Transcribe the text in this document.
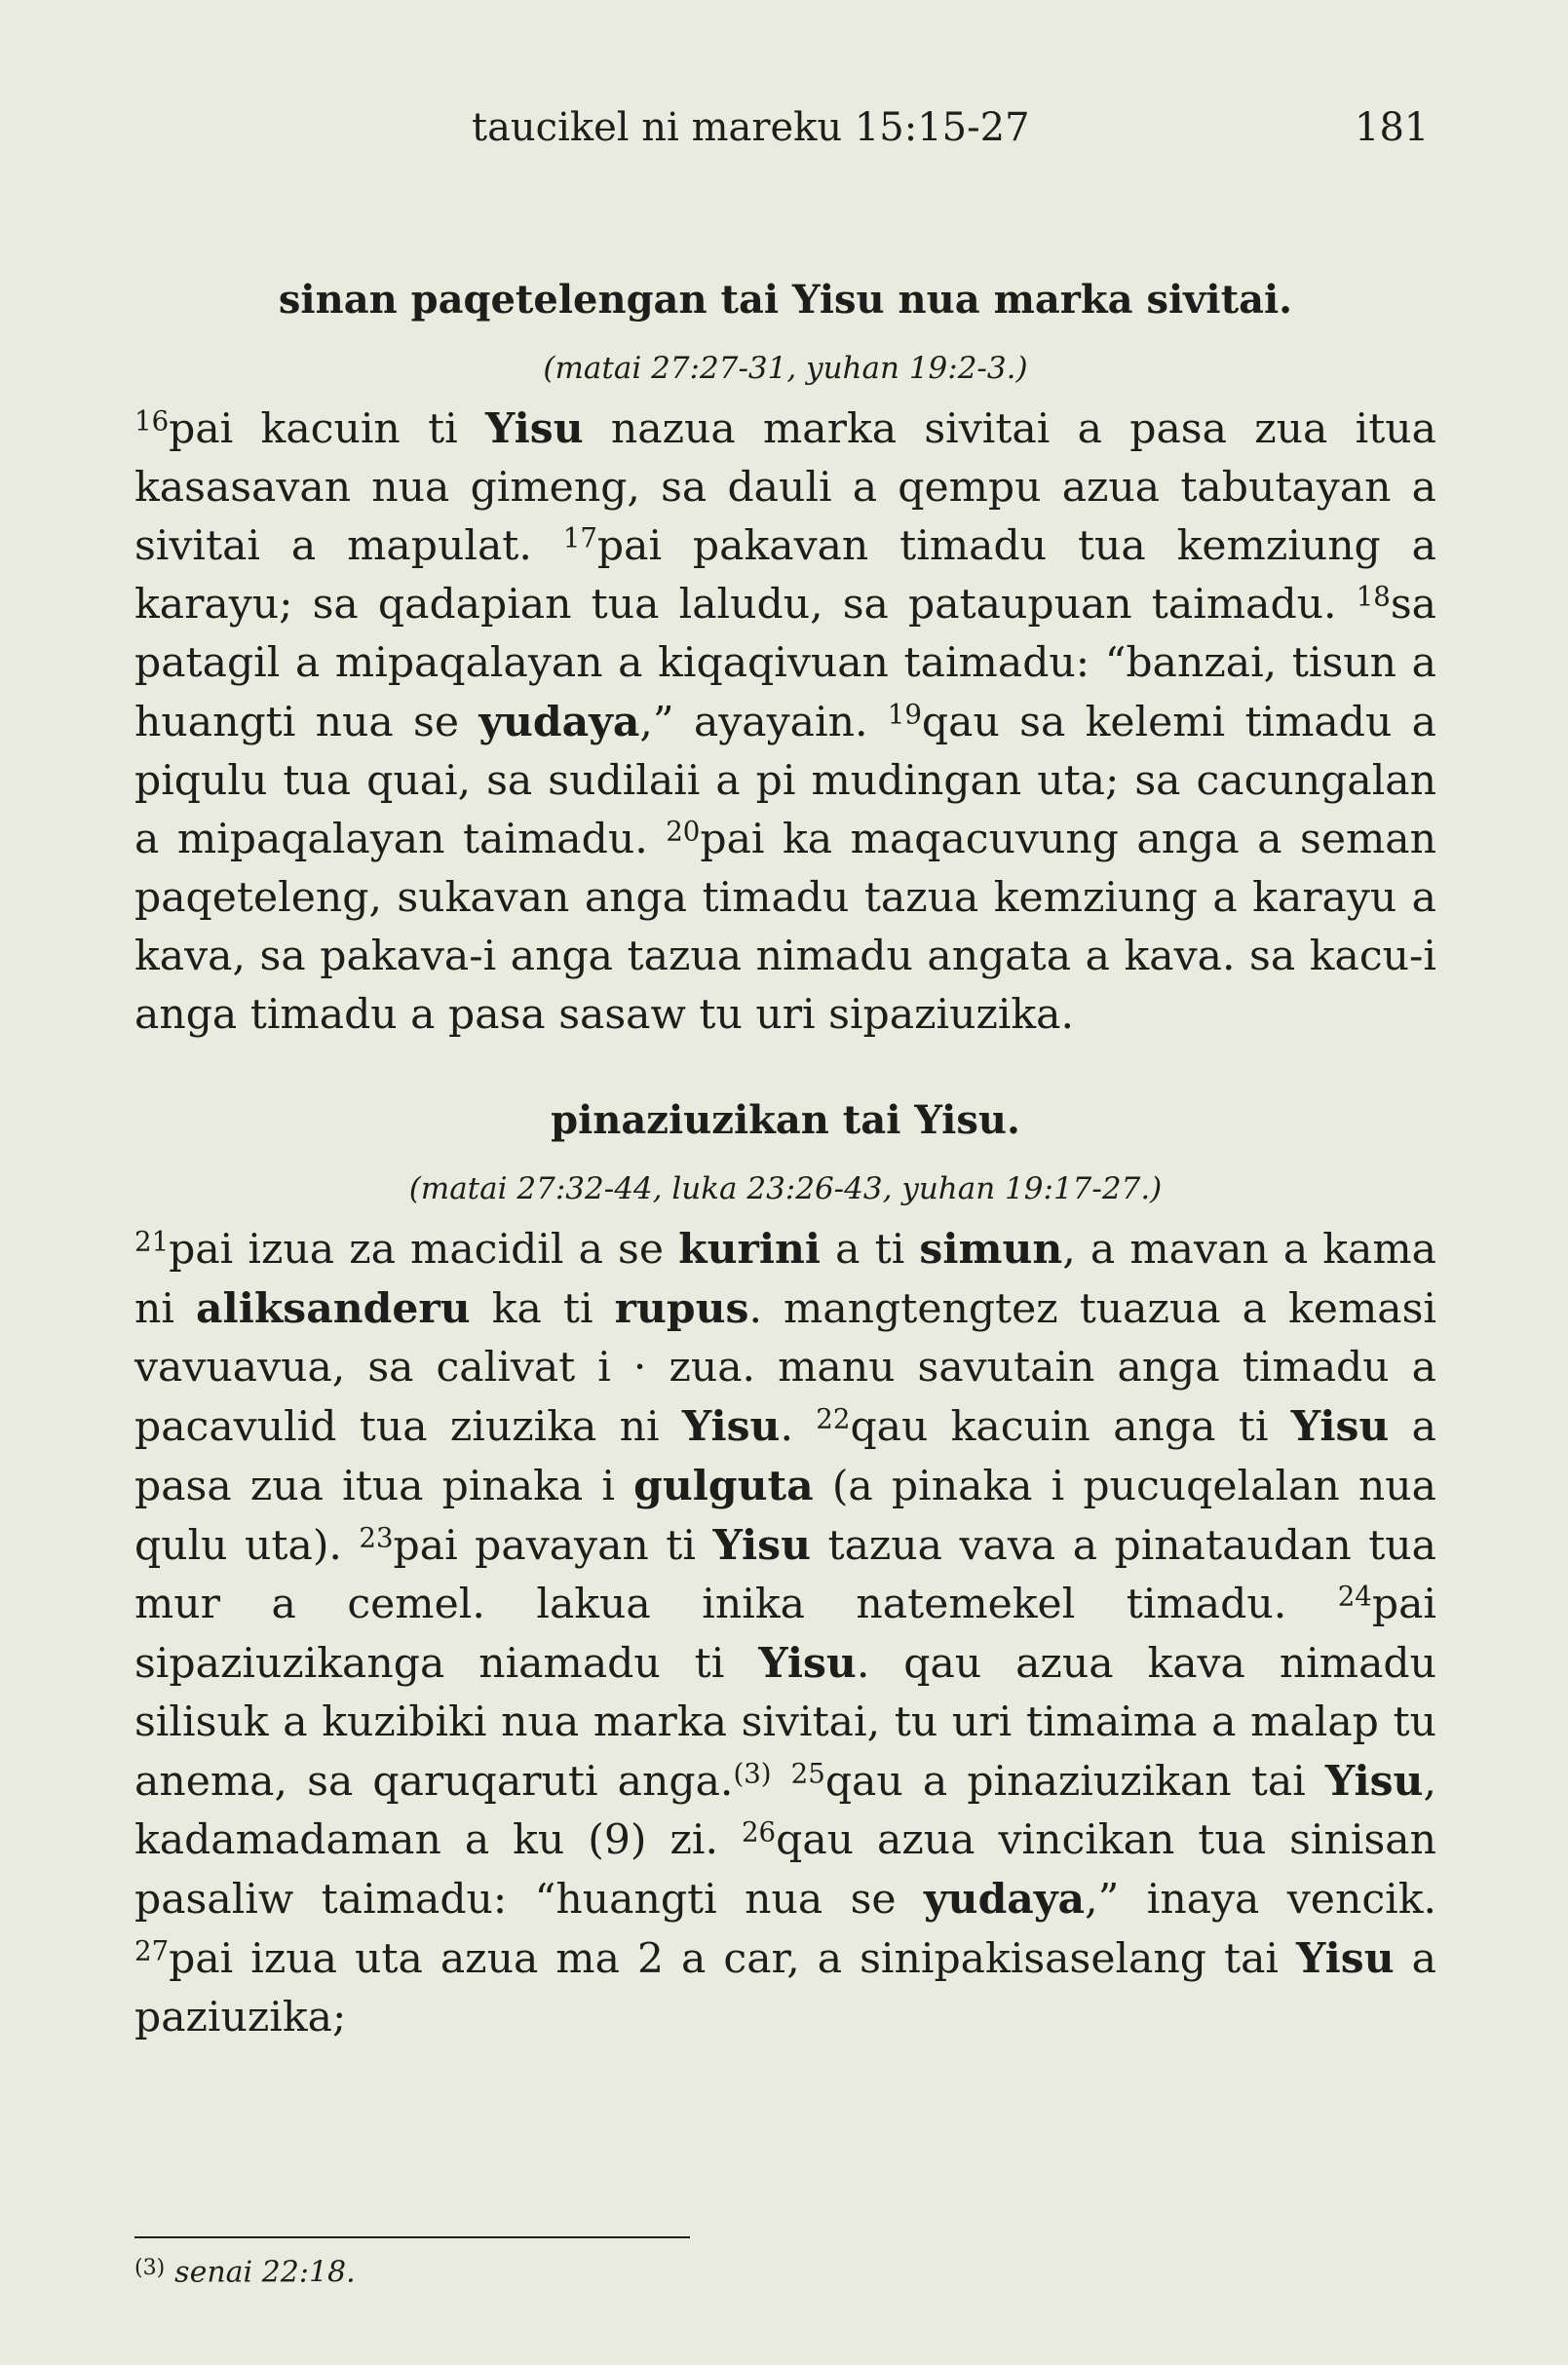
taucikel ni mareku 15:15-27	181
sinan paqetelengan tai Yisu nua marka sivitai.
(matai 27:27-31, yuhan 19:2-3.)

$^{16}$pai kacuin ti Yisu nazua marka sivitai a pasa zua itua kasasavan nua gimeng, sa dauli a qempu azua tabutayan a sivitai a mapulat. $^{17}$pai pakavan timadu tua kemziung a karayu; sa qadapian tua laludu, sa pataupuan taimadu. $^{18}$sa patagil a mipaqalayan a kiqaqivuan taimadu: “banzai, tisun a huangti nua se yudaya,” ayayain. $^{19}$qau sa kelemi timadu a piqulu tua quai, sa sudilaii a pi mudingan uta; sa cacungalan a mipaqalayan taimadu. $^{20}$pai ka maqacuvung anga a seman paqeteleng, sukavan anga timadu tazua kemziung a karayu a kava, sa pakava-i anga tazua nimadu angata a kava. sa kacu-i anga timadu a pasa sasaw tu uri sipaziuzika.

pinaziuzikan tai Yisu.
(matai 27:32-44, luka 23:26-43, yuhan 19:17-27.)

$^{21}$pai izua za macidil a se kurini a ti simun, a mavan a kama ni aliksanderu ka ti rupus. mangtengtez tuazua a kemasi vavuavua, sa calivat i · zua. manu savutain anga timadu a pacavulid tua ziuzika ni Yisu. $^{22}$qau kacuin anga ti Yisu a pasa zua itua pinaka i gulguta (a pinaka i pucuqelalan nua qulu uta). $^{23}$pai pavayan ti Yisu tazua vava a pinataudan tua mur a cemel. lakua inika natemekel timadu. $^{24}$pai sipaziuzikanga niamadu ti Yisu. qau azua kava nimadu silisuk a kuzibiki nua marka sivitai, tu uri timaima a malap tu anema, sa qaruqaruti anga.$^{(3)}$ $^{25}$qau a pinaziuzikan tai Yisu, kadamadaman a ku (9) zi. $^{26}$qau azua vincikan tua sinisan pasaliw taimadu: “huangti nua se yudaya,” inaya vencik. $^{27}$pai izua uta azua ma 2 a car, a sinipakisaselang tai Yisu a paziuzika;

$^{(3)}$ senai 22:18.
